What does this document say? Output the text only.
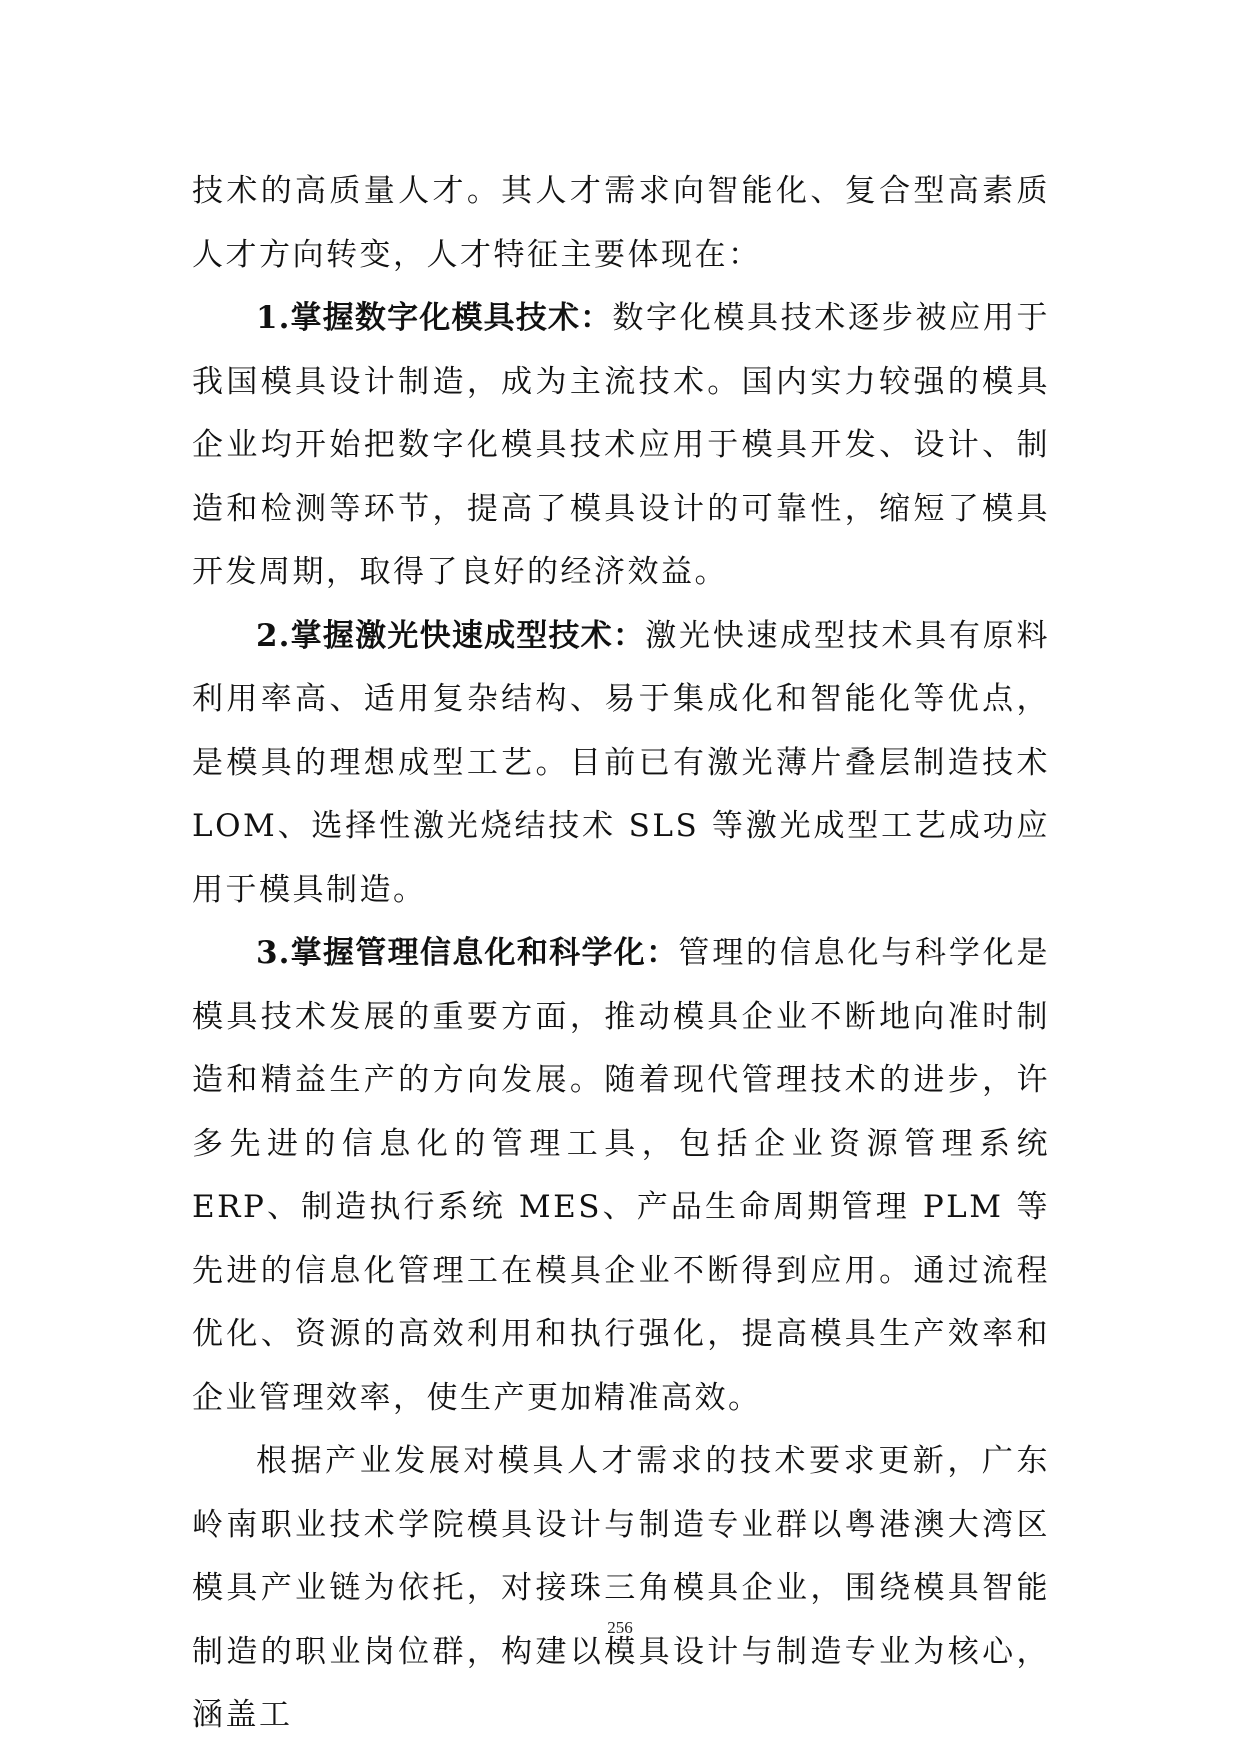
技术的高质量人才。其人才需求向智能化、复合型高素质人才方向转变，人才特征主要体现在：

1.掌握数字化模具技术：数字化模具技术逐步被应用于我国模具设计制造，成为主流技术。国内实力较强的模具企业均开始把数字化模具技术应用于模具开发、设计、制造和检测等环节，提高了模具设计的可靠性，缩短了模具开发周期，取得了良好的经济效益。

2.掌握激光快速成型技术：激光快速成型技术具有原料利用率高、适用复杂结构、易于集成化和智能化等优点，是模具的理想成型工艺。目前已有激光薄片叠层制造技术 LOM、选择性激光烧结技术 SLS 等激光成型工艺成功应用于模具制造。

3.掌握管理信息化和科学化：管理的信息化与科学化是模具技术发展的重要方面，推动模具企业不断地向准时制造和精益生产的方向发展。随着现代管理技术的进步，许多先进的信息化的管理工具，包括企业资源管理系统 ERP、制造执行系统 MES、产品生命周期管理 PLM 等先进的信息化管理工在模具企业不断得到应用。通过流程优化、资源的高效利用和执行强化，提高模具生产效率和企业管理效率，使生产更加精准高效。

根据产业发展对模具人才需求的技术要求更新，广东岭南职业技术学院模具设计与制造专业群以粤港澳大湾区模具产业链为依托，对接珠三角模具企业，围绕模具智能制造的职业岗位群，构建以模具设计与制造专业为核心，涵盖工

256
